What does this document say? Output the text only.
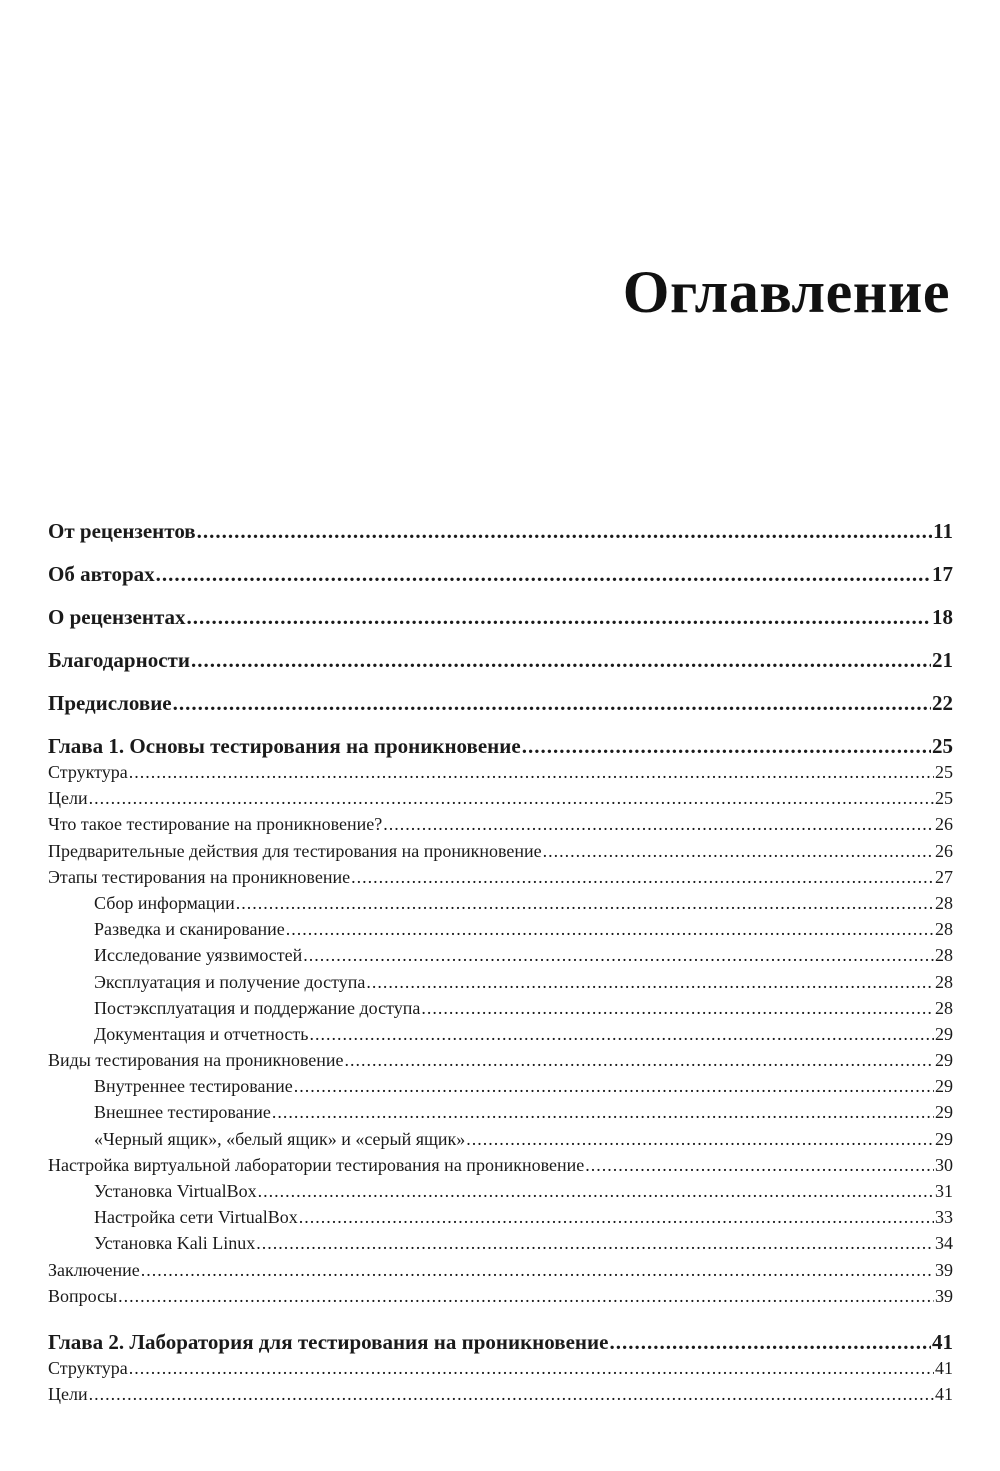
Оглавление
От рецензентов .....	11
Об авторах .....	17
О рецензентах .....	18
Благодарности .....	21
Предисловие .....	22
Глава 1. Основы тестирования на проникновение .....	25
Структура .....	25
Цели .....	25
Что такое тестирование на проникновение? .....	26
Предварительные действия для тестирования на проникновение .....	26
Этапы тестирования на проникновение .....	27
Сбор информации .....	28
Разведка и сканирование .....	28
Исследование уязвимостей .....	28
Эксплуатация и получение доступа .....	28
Постэксплуатация и поддержание доступа .....	28
Документация и отчетность .....	29
Виды тестирования на проникновение .....	29
Внутреннее тестирование .....	29
Внешнее тестирование .....	29
«Черный ящик», «белый ящик» и «серый ящик» .....	29
Настройка виртуальной лаборатории тестирования на проникновение .....	30
Установка VirtualBox .....	31
Настройка сети VirtualBox .....	33
Установка Kali Linux .....	34
Заключение .....	39
Вопросы .....	39
Глава 2. Лаборатория для тестирования на проникновение .....	41
Структура .....	41
Цели .....	41
